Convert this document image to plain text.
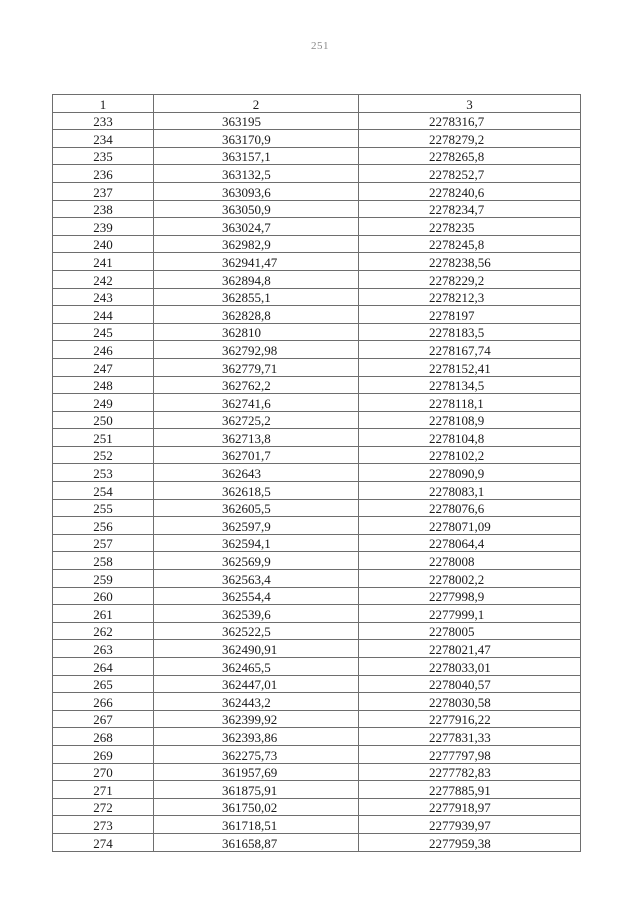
251
1	2	3
233	363195	2278316,7
234	363170,9	2278279,2
235	363157,1	2278265,8
236	363132,5	2278252,7
237	363093,6	2278240,6
238	363050,9	2278234,7
239	363024,7	2278235
240	362982,9	2278245,8
241	362941,47	2278238,56
242	362894,8	2278229,2
243	362855,1	2278212,3
244	362828,8	2278197
245	362810	2278183,5
246	362792,98	2278167,74
247	362779,71	2278152,41
248	362762,2	2278134,5
249	362741,6	2278118,1
250	362725,2	2278108,9
251	362713,8	2278104,8
252	362701,7	2278102,2
253	362643	2278090,9
254	362618,5	2278083,1
255	362605,5	2278076,6
256	362597,9	2278071,09
257	362594,1	2278064,4
258	362569,9	2278008
259	362563,4	2278002,2
260	362554,4	2277998,9
261	362539,6	2277999,1
262	362522,5	2278005
263	362490,91	2278021,47
264	362465,5	2278033,01
265	362447,01	2278040,57
266	362443,2	2278030,58
267	362399,92	2277916,22
268	362393,86	2277831,33
269	362275,73	2277797,98
270	361957,69	2277782,83
271	361875,91	2277885,91
272	361750,02	2277918,97
273	361718,51	2277939,97
274	361658,87	2277959,38
